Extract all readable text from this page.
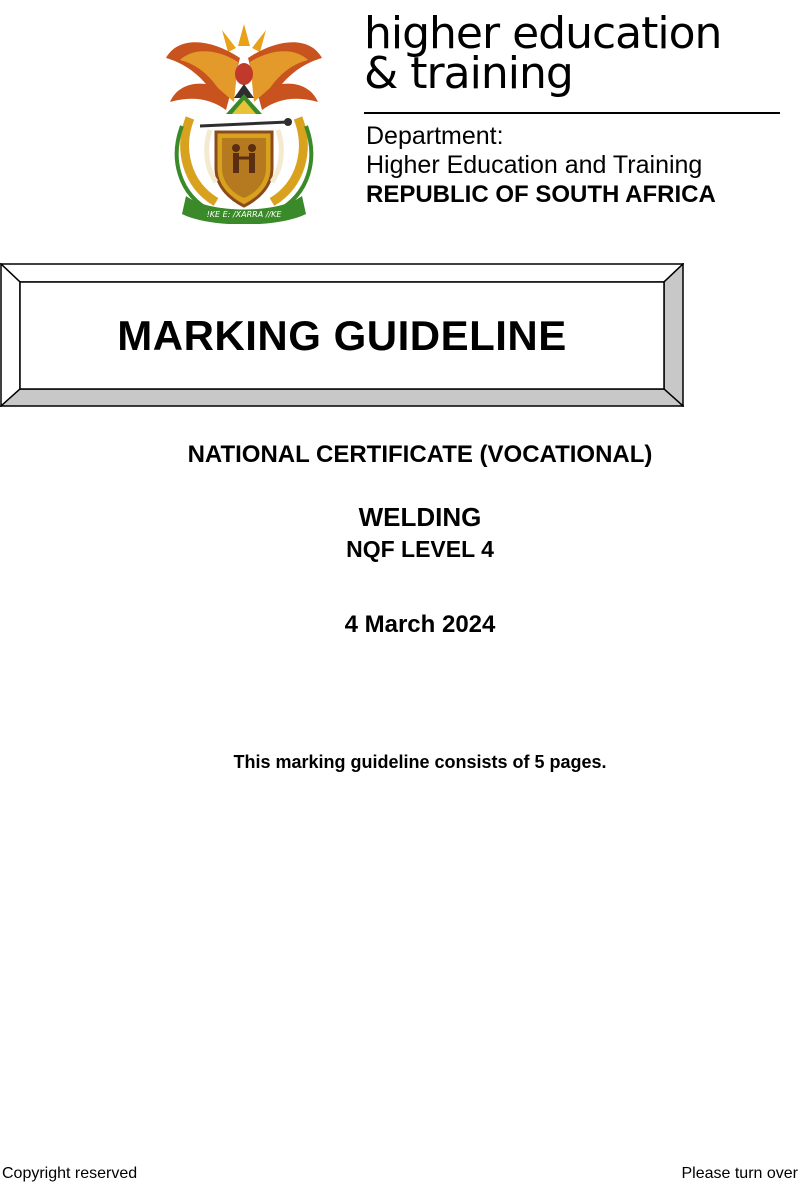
!KE E: /XARRA //KE
higher education
& training
Department:
Higher Education and Training
REPUBLIC OF SOUTH AFRICA
MARKING GUIDELINE
NATIONAL CERTIFICATE (VOCATIONAL)
WELDING
NQF LEVEL 4
4 March 2024
This marking guideline consists of 5 pages.
Copyright reserved	Please turn over
